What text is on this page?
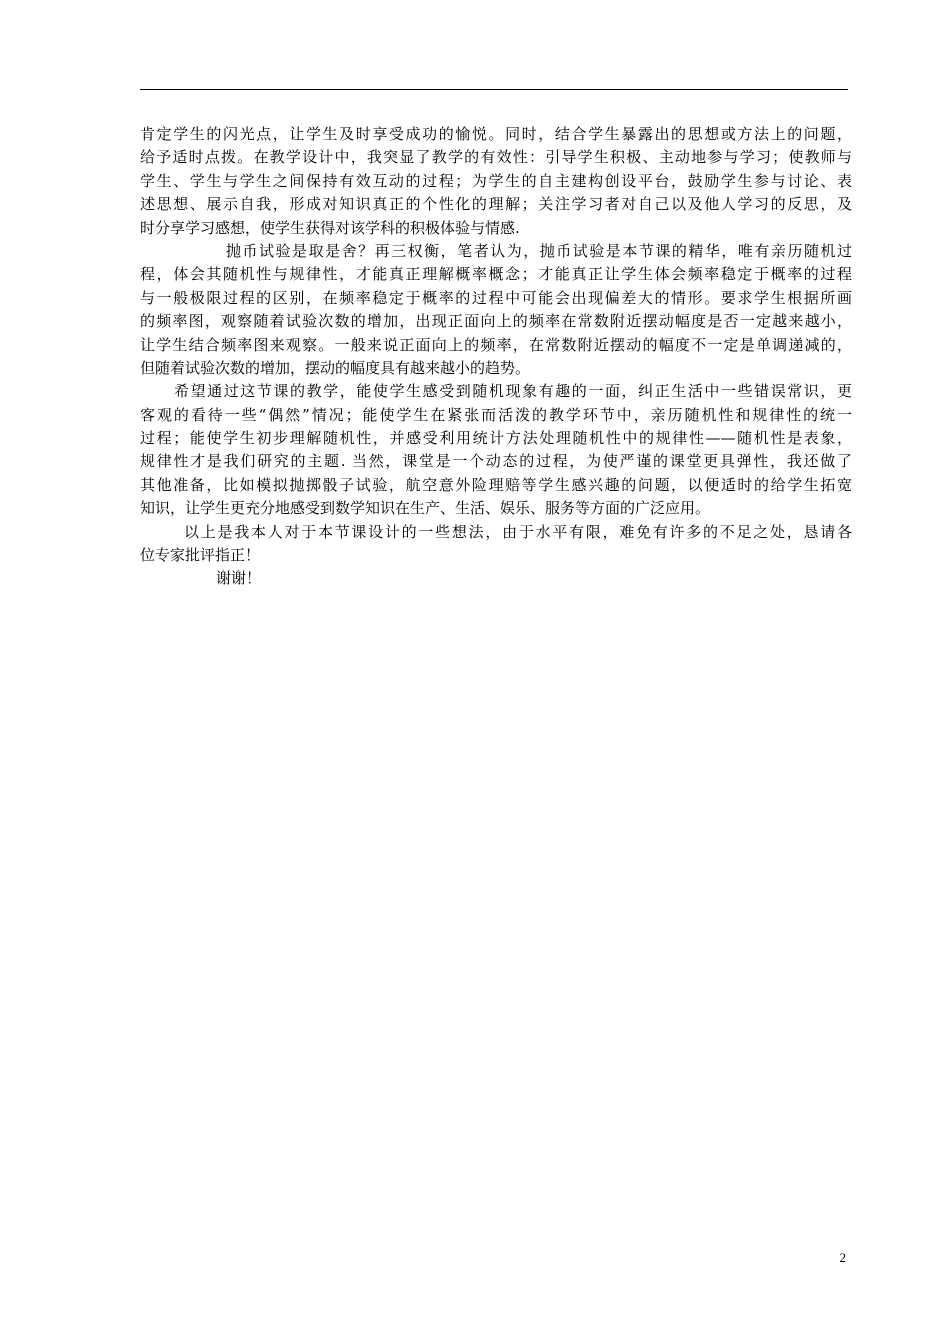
肯定学生的闪光点，让学生及时享受成功的愉悦。同时，结合学生暴露出的思想或方法上的问题，
给予适时点拨。在教学设计中，我突显了教学的有效性：引导学生积极、主动地参与学习；使教师与
学生、学生与学生之间保持有效互动的过程；为学生的自主建构创设平台，鼓励学生参与讨论、表
述思想、展示自我，形成对知识真正的个性化的理解；关注学习者对自己以及他人学习的反思，及
时分享学习感想，使学生获得对该学科的积极体验与情感.
抛币试验是取是舍？再三权衡，笔者认为，抛币试验是本节课的精华，唯有亲历随机过
程，体会其随机性与规律性，才能真正理解概率概念；才能真正让学生体会频率稳定于概率的过程
与一般极限过程的区别，在频率稳定于概率的过程中可能会出现偏差大的情形。要求学生根据所画
的频率图，观察随着试验次数的增加，出现正面向上的频率在常数附近摆动幅度是否一定越来越小，
让学生结合频率图来观察。一般来说正面向上的频率，在常数附近摆动的幅度不一定是单调递减的，
但随着试验次数的增加，摆动的幅度具有越来越小的趋势。
希望通过这节课的教学，能使学生感受到随机现象有趣的一面，纠正生活中一些错误常识，更
客观的看待一些“偶然”情况；能使学生在紧张而活泼的教学环节中，亲历随机性和规律性的统一
过程；能使学生初步理解随机性，并感受利用统计方法处理随机性中的规律性——随机性是表象，
规律性才是我们研究的主题. 当然，课堂是一个动态的过程，为使严谨的课堂更具弹性，我还做了
其他准备，比如模拟抛掷骰子试验，航空意外险理赔等学生感兴趣的问题，以便适时的给学生拓宽
知识，让学生更充分地感受到数学知识在生产、生活、娱乐、服务等方面的广泛应用。
以上是我本人对于本节课设计的一些想法，由于水平有限，难免有许多的不足之处，恳请各
位专家批评指正！
谢谢！
2
